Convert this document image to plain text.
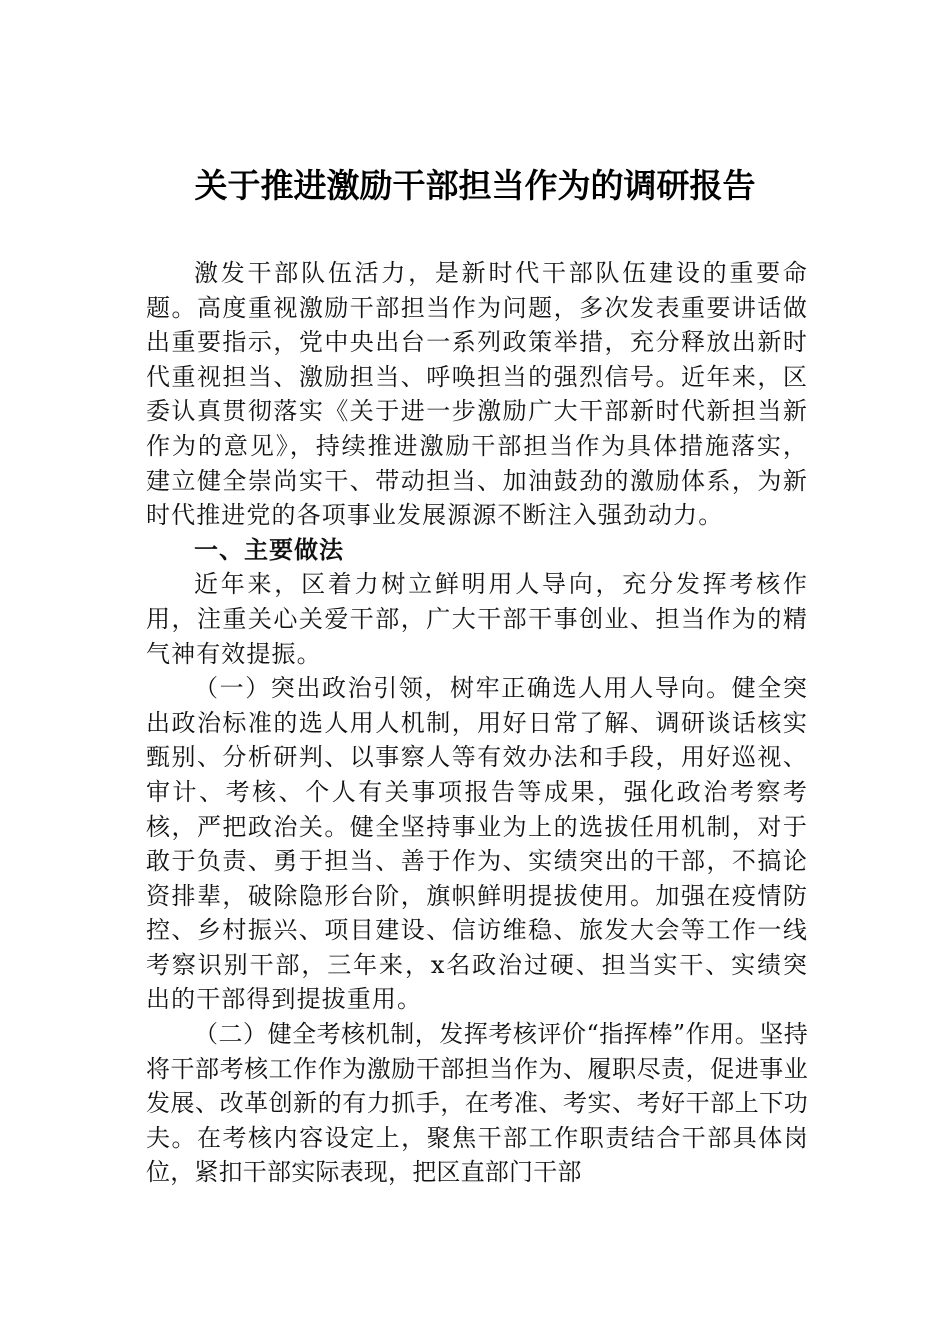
关于推进激励干部担当作为的调研报告

激发干部队伍活力，是新时代干部队伍建设的重要命题。高度重视激励干部担当作为问题，多次发表重要讲话做出重要指示，党中央出台一系列政策举措，充分释放出新时代重视担当、激励担当、呼唤担当的强烈信号。近年来，区委认真贯彻落实《关于进一步激励广大干部新时代新担当新作为的意见》，持续推进激励干部担当作为具体措施落实，建立健全崇尚实干、带动担当、加油鼓劲的激励体系，为新时代推进党的各项事业发展源源不断注入强劲动力。

一、主要做法

近年来，区着力树立鲜明用人导向，充分发挥考核作用，注重关心关爱干部，广大干部干事创业、担当作为的精气神有效提振。

（一）突出政治引领，树牢正确选人用人导向。健全突出政治标准的选人用人机制，用好日常了解、调研谈话核实甄别、分析研判、以事察人等有效办法和手段，用好巡视、审计、考核、个人有关事项报告等成果，强化政治考察考核，严把政治关。健全坚持事业为上的选拔任用机制，对于敢于负责、勇于担当、善于作为、实绩突出的干部，不搞论资排辈，破除隐形台阶，旗帜鲜明提拔使用。加强在疫情防控、乡村振兴、项目建设、信访维稳、旅发大会等工作一线考察识别干部，三年来，x名政治过硬、担当实干、实绩突出的干部得到提拔重用。

（二）健全考核机制，发挥考核评价“指挥棒”作用。坚持将干部考核工作作为激励干部担当作为、履职尽责，促进事业发展、改革创新的有力抓手，在考准、考实、考好干部上下功夫。在考核内容设定上，聚焦干部工作职责结合干部具体岗位，紧扣干部实际表现，把区直部门干部
